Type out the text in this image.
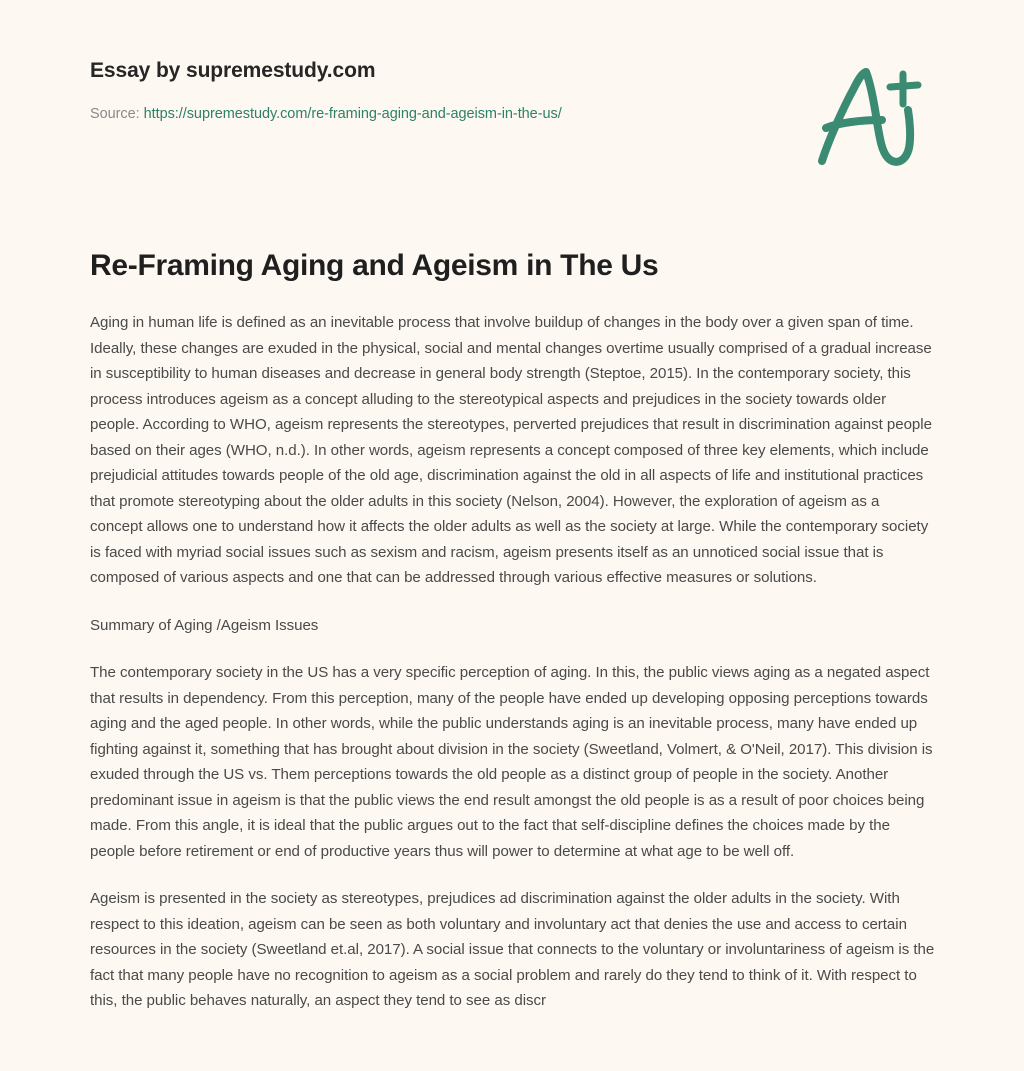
Essay by supremestudy.com
Source: https://supremestudy.com/re-framing-aging-and-ageism-in-the-us/
Re-Framing Aging and Ageism in The Us

Aging in human life is defined as an inevitable process that involve buildup of changes in the body over a given span of time. Ideally, these changes are exuded in the physical, social and mental changes overtime usually comprised of a gradual increase in susceptibility to human diseases and decrease in general body strength (Steptoe, 2015). In the contemporary society, this process introduces ageism as a concept alluding to the stereotypical aspects and prejudices in the society towards older people. According to WHO, ageism represents the stereotypes, perverted prejudices that result in discrimination against people based on their ages (WHO, n.d.). In other words, ageism represents a concept composed of three key elements, which include prejudicial attitudes towards people of the old age, discrimination against the old in all aspects of life and institutional practices that promote stereotyping about the older adults in this society (Nelson, 2004). However, the exploration of ageism as a concept allows one to understand how it affects the older adults as well as the society at large. While the contemporary society is faced with myriad social issues such as sexism and racism, ageism presents itself as an unnoticed social issue that is composed of various aspects and one that can be addressed through various effective measures or solutions.

Summary of Aging /Ageism Issues

The contemporary society in the US has a very specific perception of aging. In this, the public views aging as a negated aspect that results in dependency. From this perception, many of the people have ended up developing opposing perceptions towards aging and the aged people. In other words, while the public understands aging is an inevitable process, many have ended up fighting against it, something that has brought about division in the society (Sweetland, Volmert, & O'Neil, 2017). This division is exuded through the US vs. Them perceptions towards the old people as a distinct group of people in the society. Another predominant issue in ageism is that the public views the end result amongst the old people is as a result of poor choices being made. From this angle, it is ideal that the public argues out to the fact that self-discipline defines the choices made by the people before retirement or end of productive years thus will power to determine at what age to be well off.

Ageism is presented in the society as stereotypes, prejudices ad discrimination against the older adults in the society. With respect to this ideation, ageism can be seen as both voluntary and involuntary act that denies the use and access to certain resources in the society (Sweetland et.al, 2017). A social issue that connects to the voluntary or involuntariness of ageism is the fact that many people have no recognition to ageism as a social problem and rarely do they tend to think of it. With respect to this, the public behaves naturally, an aspect they tend to see as discr
